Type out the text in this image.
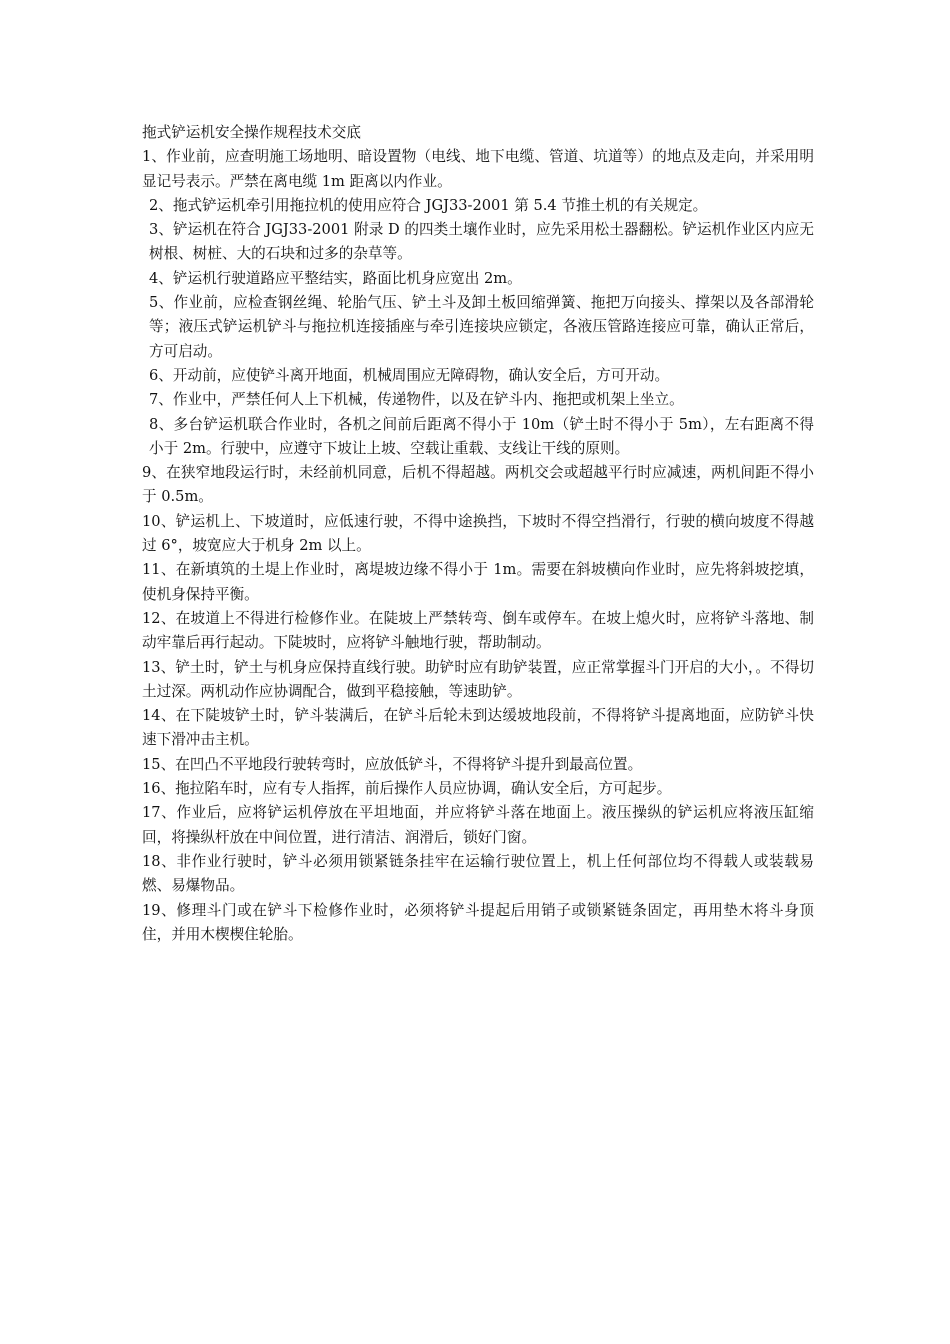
拖式铲运机安全操作规程技术交底

1、作业前，应查明施工场地明、暗设置物（电线、地下电缆、管道、坑道等）的地点及走向，并采用明显记号表示。严禁在离电缆 1m 距离以内作业。

2、拖式铲运机牵引用拖拉机的使用应符合 JGJ33-2001 第 5.4 节推土机的有关规定。

3、铲运机在符合 JGJ33-2001 附录 D 的四类土壤作业时，应先采用松土器翻松。铲运机作业区内应无树根、树桩、大的石块和过多的杂草等。

4、铲运机行驶道路应平整结实，路面比机身应宽出 2m。

5、作业前，应检查钢丝绳、轮胎气压、铲土斗及卸土板回缩弹簧、拖把万向接头、撑架以及各部滑轮等；液压式铲运机铲斗与拖拉机连接插座与牵引连接块应锁定，各液压管路连接应可靠，确认正常后，方可启动。

6、开动前，应使铲斗离开地面，机械周围应无障碍物，确认安全后，方可开动。

7、作业中，严禁任何人上下机械，传递物件，以及在铲斗内、拖把或机架上坐立。

8、多台铲运机联合作业时，各机之间前后距离不得小于 10m（铲土时不得小于 5m），左右距离不得小于 2m。行驶中，应遵守下坡让上坡、空载让重载、支线让干线的原则。

9、在狭窄地段运行时，未经前机同意，后机不得超越。两机交会或超越平行时应减速，两机间距不得小于 0.5m。

10、铲运机上、下坡道时，应低速行驶，不得中途换挡，下坡时不得空挡滑行，行驶的横向坡度不得越过 6°，坡宽应大于机身 2m 以上。

11、在新填筑的土堤上作业时，离堤坡边缘不得小于 1m。需要在斜坡横向作业时，应先将斜坡挖填，使机身保持平衡。

12、在坡道上不得进行检修作业。在陡坡上严禁转弯、倒车或停车。在坡上熄火时，应将铲斗落地、制动牢靠后再行起动。下陡坡时，应将铲斗触地行驶，帮助制动。

13、铲土时，铲土与机身应保持直线行驶。助铲时应有助铲装置，应正常掌握斗门开启的大小，。不得切土过深。两机动作应协调配合，做到平稳接触，等速助铲。

14、在下陡坡铲土时，铲斗装满后，在铲斗后轮未到达缓坡地段前，不得将铲斗提离地面，应防铲斗快速下滑冲击主机。

15、在凹凸不平地段行驶转弯时，应放低铲斗，不得将铲斗提升到最高位置。

16、拖拉陷车时，应有专人指挥，前后操作人员应协调，确认安全后，方可起步。

17、作业后，应将铲运机停放在平坦地面，并应将铲斗落在地面上。液压操纵的铲运机应将液压缸缩回，将操纵杆放在中间位置，进行清洁、润滑后，锁好门窗。

18、非作业行驶时，铲斗必须用锁紧链条挂牢在运输行驶位置上，机上任何部位均不得载人或装载易燃、易爆物品。

19、修理斗门或在铲斗下检修作业时，必须将铲斗提起后用销子或锁紧链条固定，再用垫木将斗身顶住，并用木楔楔住轮胎。
